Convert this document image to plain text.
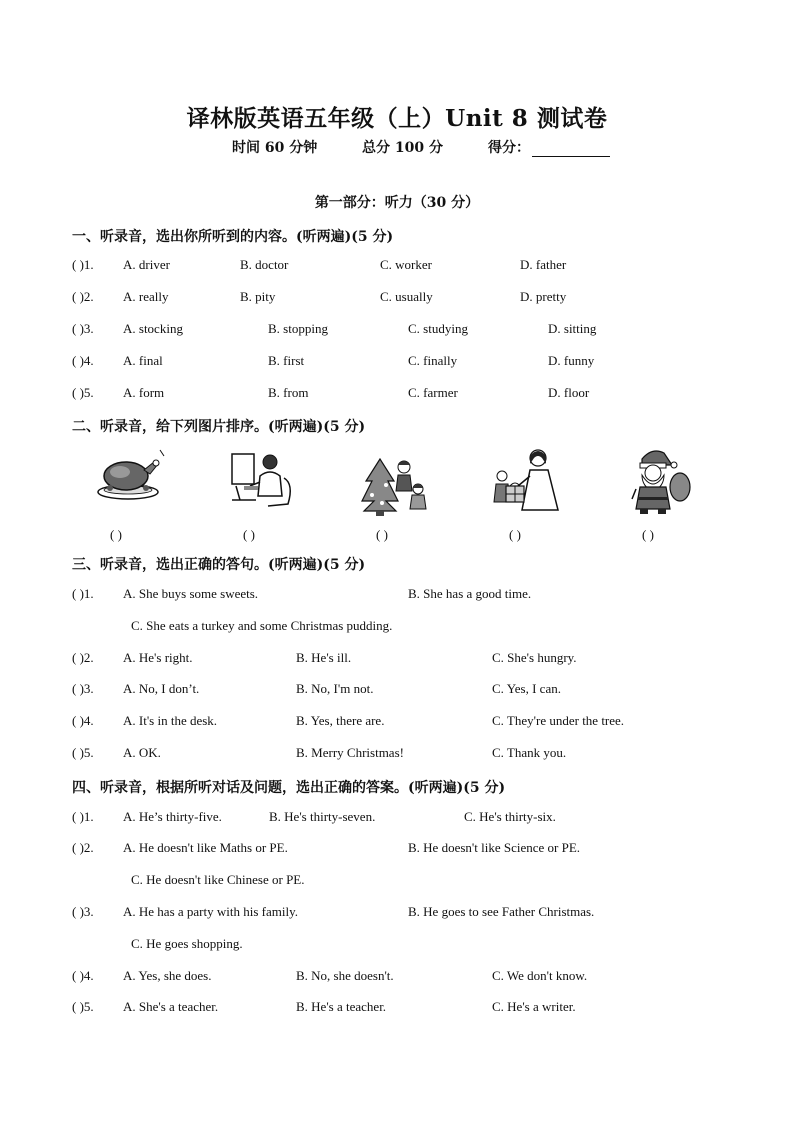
译林版英语五年级（上）Unit 8 测试卷
时间 60 分钟	总分 100 分	得分：
第一部分：听力（30 分）
一、听录音，选出你所听到的内容。(听两遍)(5 分)
( )1. A. driver	B. doctor	C. worker	D. father
( )2. A. really	B. pity	C. usually	D. pretty
( )3. A. stocking	B. stopping	C. studying	D. sitting
( )4. A. final	B. first	C. finally	D. funny
( )5. A. form	B. from	C. farmer	D. floor
二、听录音，给下列图片排序。(听两遍)(5 分)
( )	( )	( )	( )	( )
三、听录音，选出正确的答句。(听两遍)(5 分)
( )1. A. She buys some sweets.	B. She has a good time.
C. She eats a turkey and some Christmas pudding.
( )2. A. He's right.	B. He's ill.	C. She's hungry.
( )3. A. No, I don’t.	B. No, I'm not.	C. Yes, I can.
( )4. A. It's in the desk.	B. Yes, there are.	C. They're under the tree.
( )5. A. OK.	B. Merry Christmas!	C. Thank you.
四、听录音，根据所听对话及问题，选出正确的答案。(听两遍)(5 分)
( )1. A. He’s thirty-five.	B. He's thirty-seven.	C. He's thirty-six.
( )2. A. He doesn't like Maths or PE.	B. He doesn't like Science or PE.
C. He doesn't like Chinese or PE.
( )3. A. He has a party with his family.	B. He goes to see Father Christmas.
C. He goes shopping.
( )4. A. Yes, she does.	B. No, she doesn't.	C. We don't know.
( )5. A. She's a teacher.	B. He's a teacher.	C. He's a writer.
